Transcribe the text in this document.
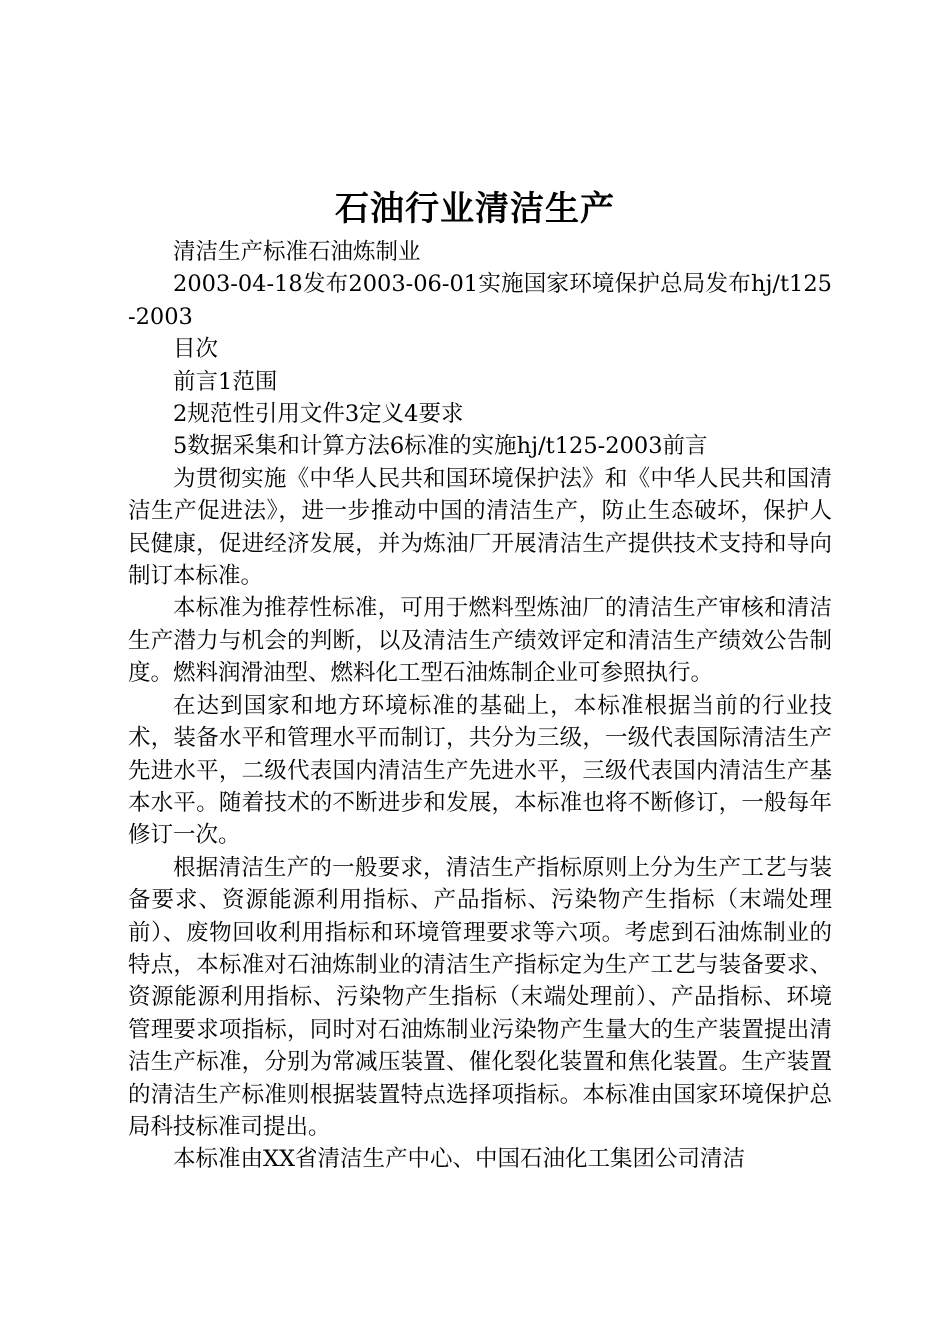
石油行业清洁生产

清洁生产标准石油炼制业

2003-04-18发布2003-06-01实施国家环境保护总局发布hj/t125-2003

目次

前言1范围

2规范性引用文件3定义4要求

5数据采集和计算方法6标准的实施hj/t125-2003前言

为贯彻实施《中华人民共和国环境保护法》和《中华人民共和国清洁生产促进法》，进一步推动中国的清洁生产，防止生态破坏，保护人民健康，促进经济发展，并为炼油厂开展清洁生产提供技术支持和导向制订本标准。

本标准为推荐性标准，可用于燃料型炼油厂的清洁生产审核和清洁生产潜力与机会的判断，以及清洁生产绩效评定和清洁生产绩效公告制度。燃料润滑油型、燃料化工型石油炼制企业可参照执行。

在达到国家和地方环境标准的基础上，本标准根据当前的行业技术，装备水平和管理水平而制订，共分为三级，一级代表国际清洁生产先进水平，二级代表国内清洁生产先进水平，三级代表国内清洁生产基本水平。随着技术的不断进步和发展，本标准也将不断修订，一般每年修订一次。

根据清洁生产的一般要求，清洁生产指标原则上分为生产工艺与装备要求、资源能源利用指标、产品指标、污染物产生指标（末端处理前）、废物回收利用指标和环境管理要求等六项。考虑到石油炼制业的特点，本标准对石油炼制业的清洁生产指标定为生产工艺与装备要求、资源能源利用指标、污染物产生指标（末端处理前）、产品指标、环境管理要求项指标，同时对石油炼制业污染物产生量大的生产装置提出清洁生产标准，分别为常减压装置、催化裂化装置和焦化装置。生产装置的清洁生产标准则根据装置特点选择项指标。本标准由国家环境保护总局科技标准司提出。

本标准由XX省清洁生产中心、中国石油化工集团公司清洁
